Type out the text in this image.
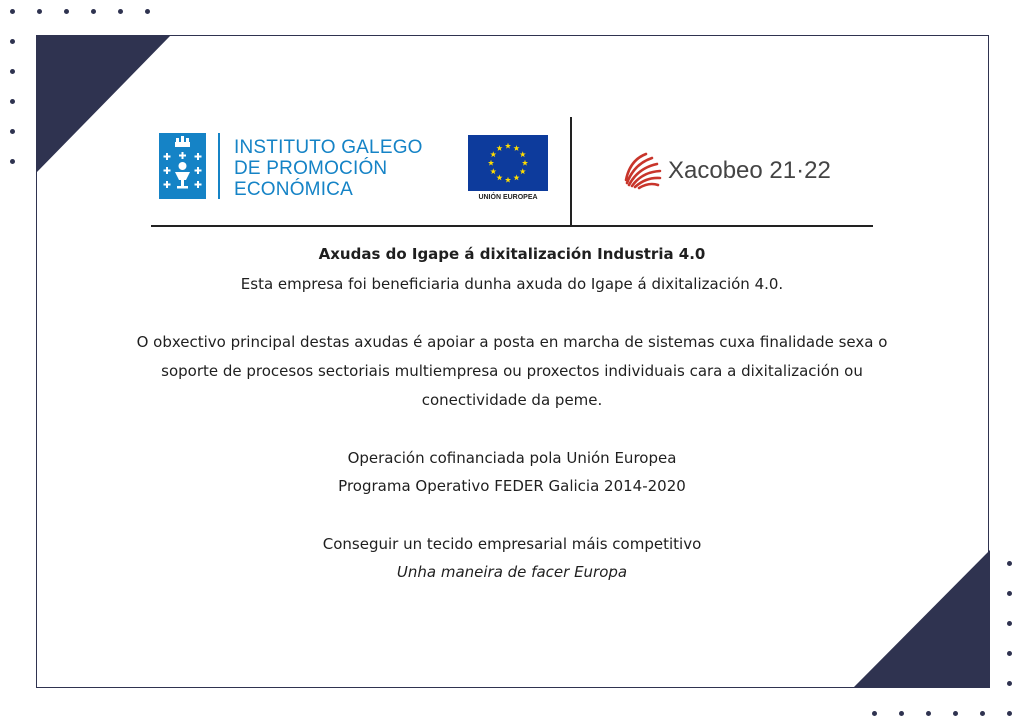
INSTITUTO GALEGO
DE PROMOCIÓN
ECONÓMICA	UNIÓN EUROPEA
Xacobeo 21·22
Axudas do Igape á dixitalización Industria 4.0
Esta empresa foi beneficiaria dunha axuda do Igape á dixitalización 4.0.
O obxectivo principal destas axudas é apoiar a posta en marcha de sistemas cuxa finalidade sexa o
soporte de procesos sectoriais multiempresa ou proxectos individuais cara a dixitalización ou
conectividade da peme.
Operación cofinanciada pola Unión Europea
Programa Operativo FEDER Galicia 2014-2020
Conseguir un tecido empresarial máis competitivo
Unha maneira de facer Europa
